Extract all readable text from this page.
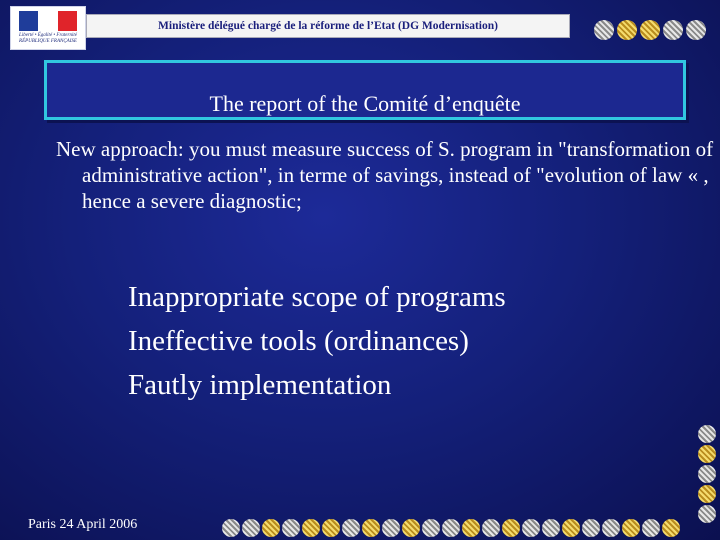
Liberté • Égalité • Fraternité RÉPUBLIQUE FRANÇAISE
Ministère délégué chargé de la réforme de l’Etat (DG Modernisation)
The report of the Comité d’enquête
New approach: you must measure success of S. program in "transformation of administrative action", in terme of savings, instead of "evolution of law « , hence a severe diagnostic;
Inappropriate scope of programs
Ineffective tools (ordinances)
Fautly implementation
Paris 24 April 2006
